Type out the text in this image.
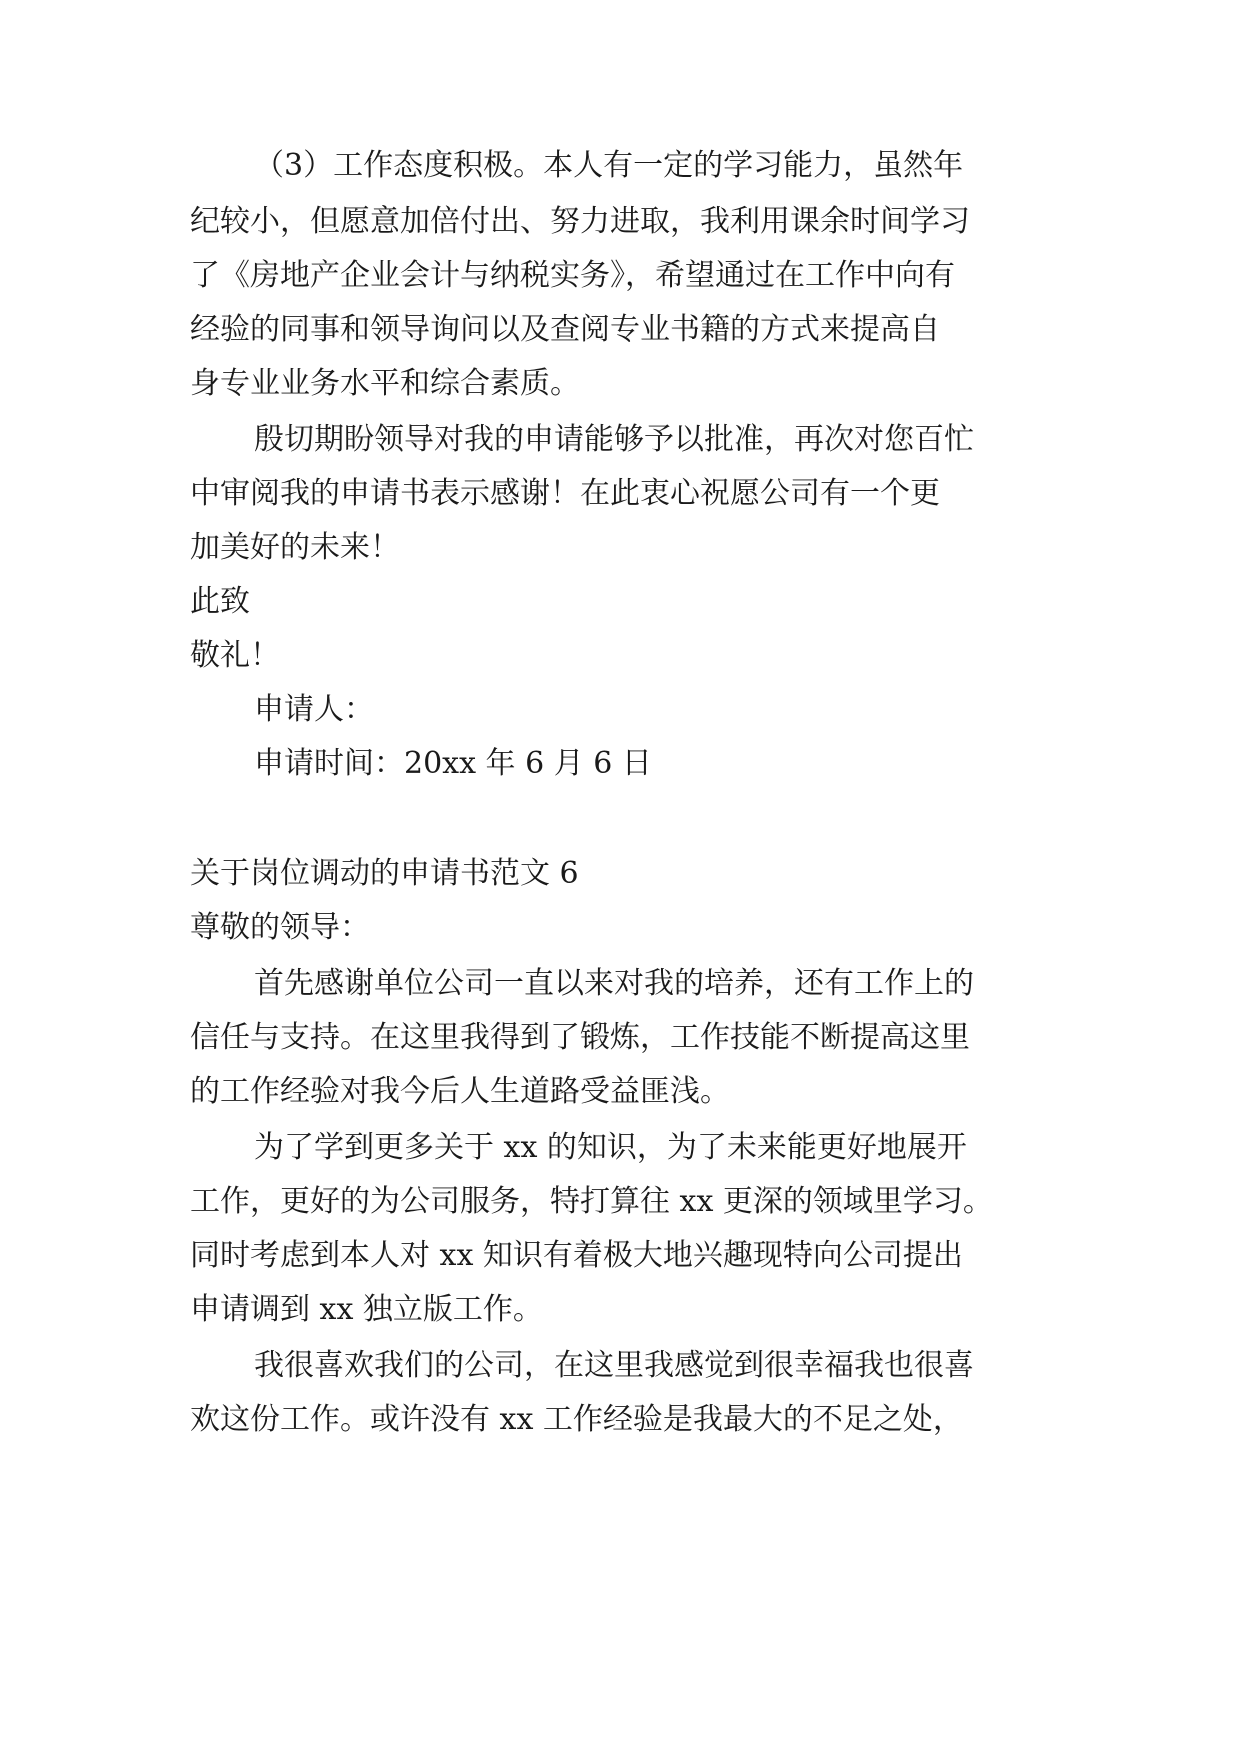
（3）工作态度积极。本人有一定的学习能力，虽然年
纪较小，但愿意加倍付出、努力进取，我利用课余时间学习
了《房地产企业会计与纳税实务》，希望通过在工作中向有
经验的同事和领导询问以及查阅专业书籍的方式来提高自
身专业业务水平和综合素质。
殷切期盼领导对我的申请能够予以批准，再次对您百忙
中审阅我的申请书表示感谢！在此衷心祝愿公司有一个更
加美好的未来！
此致
敬礼！
申请人：
申请时间：20xx 年 6 月 6 日
关于岗位调动的申请书范文 6
尊敬的领导：
首先感谢单位公司一直以来对我的培养，还有工作上的
信任与支持。在这里我得到了锻炼，工作技能不断提高这里
的工作经验对我今后人生道路受益匪浅。
为了学到更多关于 xx 的知识，为了未来能更好地展开
工作，更好的为公司服务，特打算往 xx 更深的领域里学习。
同时考虑到本人对 xx 知识有着极大地兴趣现特向公司提出
申请调到 xx 独立版工作。
我很喜欢我们的公司，在这里我感觉到很幸福我也很喜
欢这份工作。或许没有 xx 工作经验是我最大的不足之处，
